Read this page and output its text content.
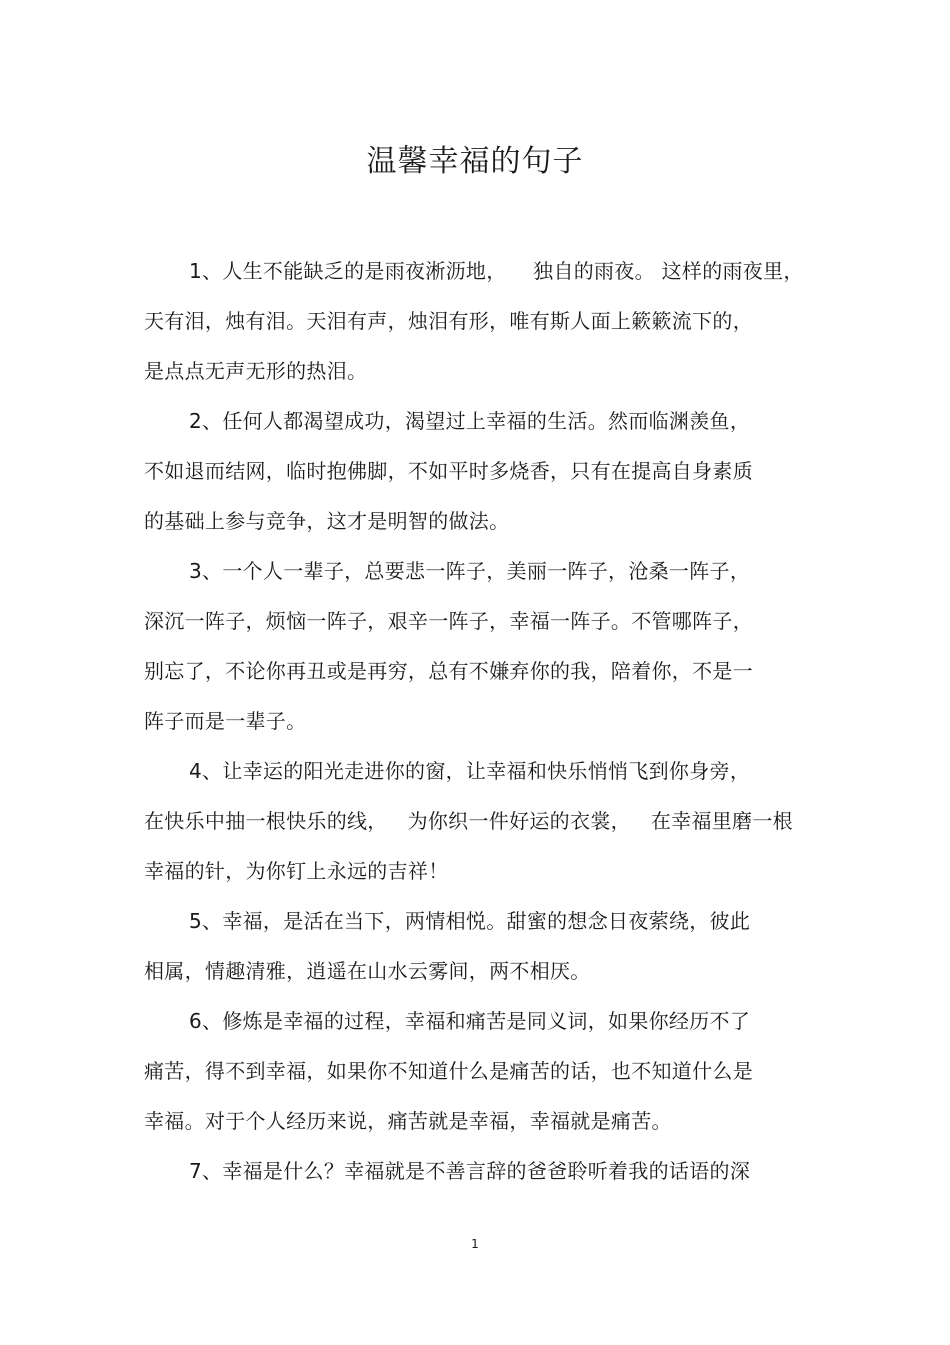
温馨幸福的句子
1、人生不能缺乏的是雨夜淅沥地，    独自的雨夜。 这样的雨夜里，
天有泪，烛有泪。天泪有声，烛泪有形，唯有斯人面上簌簌流下的，
是点点无声无形的热泪。
2、任何人都渴望成功，渴望过上幸福的生活。然而临渊羡鱼，
不如退而结网，临时抱佛脚，不如平时多烧香，只有在提高自身素质
的基础上参与竞争，这才是明智的做法。
3、一个人一辈子，总要悲一阵子，美丽一阵子，沧桑一阵子，
深沉一阵子，烦恼一阵子，艰辛一阵子，幸福一阵子。不管哪阵子，
别忘了，不论你再丑或是再穷，总有不嫌弃你的我，陪着你，不是一
阵子而是一辈子。
4、让幸运的阳光走进你的窗，让幸福和快乐悄悄飞到你身旁，
在快乐中抽一根快乐的线，   为你织一件好运的衣裳，   在幸福里磨一根
幸福的针，为你钉上永远的吉祥！
5、幸福，是活在当下，两情相悦。甜蜜的想念日夜萦绕，彼此
相属，情趣清雅，逍遥在山水云雾间，两不相厌。
6、修炼是幸福的过程，幸福和痛苦是同义词，如果你经历不了
痛苦，得不到幸福，如果你不知道什么是痛苦的话，也不知道什么是
幸福。对于个人经历来说，痛苦就是幸福，幸福就是痛苦。
7、幸福是什么？幸福就是不善言辞的爸爸聆听着我的话语的深
1
